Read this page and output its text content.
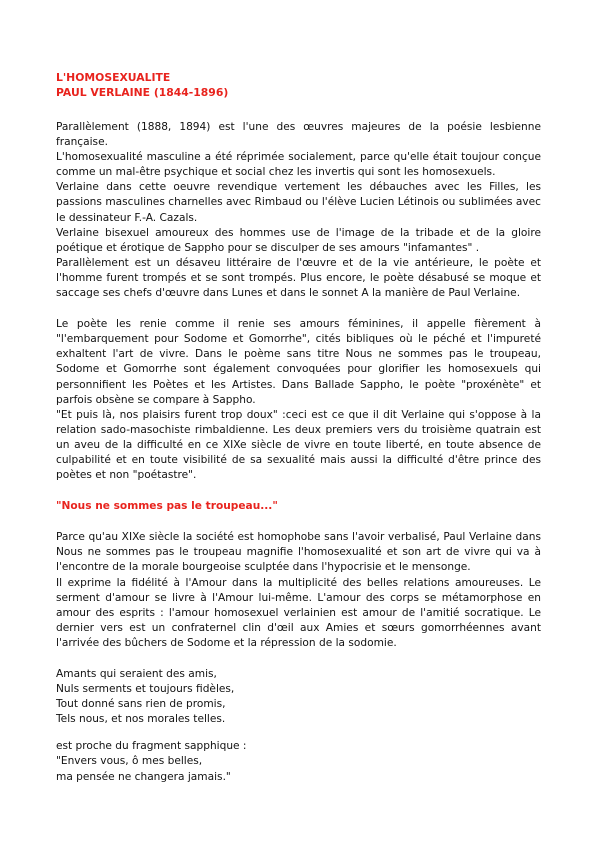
L'HOMOSEXUALITE
PAUL VERLAINE (1844-1896)

Parallèlement (1888, 1894) est l'une des œuvres majeures de la poésie lesbienne française.

L'homosexualité masculine a été réprimée socialement, parce qu'elle était toujour conçue comme un mal-être psychique et social chez les invertis qui sont les homosexuels.

Verlaine dans cette oeuvre revendique vertement les débauches avec les Filles, les passions masculines charnelles avec Rimbaud ou l'élève Lucien Létinois ou sublimées avec le dessinateur F.-A. Cazals.

Verlaine bisexuel amoureux des hommes use de l'image de la tribade et de la gloire poétique et érotique de Sappho pour se disculper de ses amours "infamantes" .

Parallèlement est un désaveu littéraire de l'œuvre et de la vie antérieure, le poète et l'homme furent trompés et se sont trompés. Plus encore, le poète désabusé se moque et saccage ses chefs d'œuvre dans Lunes et dans le sonnet A la manière de Paul Verlaine.

Le poète les renie comme il renie ses amours féminines, il appelle fièrement à "l'embarquement pour Sodome et Gomorrhe", cités bibliques où le péché et l'impureté exhaltent l'art de vivre. Dans le poème sans titre Nous ne sommes pas le troupeau, Sodome et Gomorrhe sont également convoquées pour glorifier les homosexuels qui personnifient les Poètes et les Artistes. Dans Ballade Sappho, le poète "proxénète" et parfois obsène se compare à Sappho.

"Et puis là, nos plaisirs furent trop doux" :ceci est ce que il dit Verlaine qui s'oppose à la relation sado-masochiste rimbaldienne. Les deux premiers vers du troisième quatrain est un aveu de la difficulté en ce XIXe siècle de vivre en toute liberté, en toute absence de culpabilité et en toute visibilité de sa sexualité mais aussi la difficulté d'être prince des poètes et non "poétastre".

"Nous ne sommes pas le troupeau..."

Parce qu'au XIXe siècle la société est homophobe sans l'avoir verbalisé, Paul Verlaine dans Nous ne sommes pas le troupeau magnifie l'homosexualité et son art de vivre qui va à l'encontre de la morale bourgeoise sculptée dans l'hypocrisie et le mensonge.

Il exprime la fidélité à l'Amour dans la multiplicité des belles relations amoureuses. Le serment d'amour se livre à l'Amour lui-même. L'amour des corps se métamorphose en amour des esprits : l'amour homosexuel verlainien est amour de l'amitié socratique. Le dernier vers est un confraternel clin d'œil aux Amies et sœurs gomorrhéennes avant l'arrivée des bûchers de Sodome et la répression de la sodomie.

Amants qui seraient des amis,
Nuls serments et toujours fidèles,
Tout donné sans rien de promis,
Tels nous, et nos morales telles.

est proche du fragment sapphique :
"Envers vous, ô mes belles,
ma pensée ne changera jamais."
